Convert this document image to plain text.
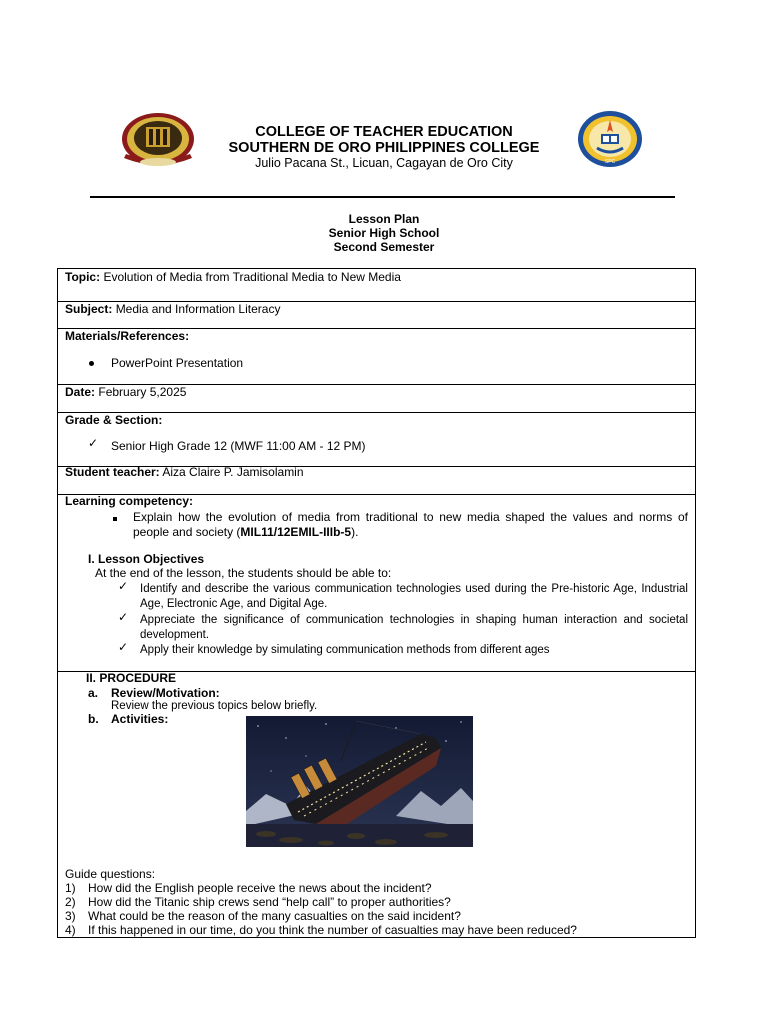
SPC
COLLEGE OF TEACHER EDUCATION
SOUTHERN DE ORO PHILIPPINES COLLEGE
Julio Pacana St., Licuan, Cagayan de Oro City
Lesson Plan
Senior High School
Second Semester
Topic: Evolution of Media from Traditional Media to New Media
Subject: Media and Information Literacy
Materials/References:
PowerPoint Presentation
Date: February 5,2025
Grade & Section:
✓ Senior High Grade 12 (MWF 11:00 AM - 12 PM)
Student teacher: Aiza Claire P. Jamisolamin
Learning competency:
Explain how the evolution of media from traditional to new media shaped the values and norms of people and society (MIL11/12EMIL-IIIb-5).
I. Lesson Objectives
At the end of the lesson, the students should be able to:
✓ Identify and describe the various communication technologies used during the Pre-historic Age, Industrial Age, Electronic Age, and Digital Age.
✓ Appreciate the significance of communication technologies in shaping human interaction and societal development.
✓ Apply their knowledge by simulating communication methods from different ages
II. PROCEDURE
a. Review/Motivation:
Review the previous topics below briefly.
b. Activities:
Guide questions:
1) How did the English people receive the news about the incident?
2) How did the Titanic ship crews send “help call” to proper authorities?
3) What could be the reason of the many casualties on the said incident?
4) If this happened in our time, do you think the number of casualties may have been reduced?
